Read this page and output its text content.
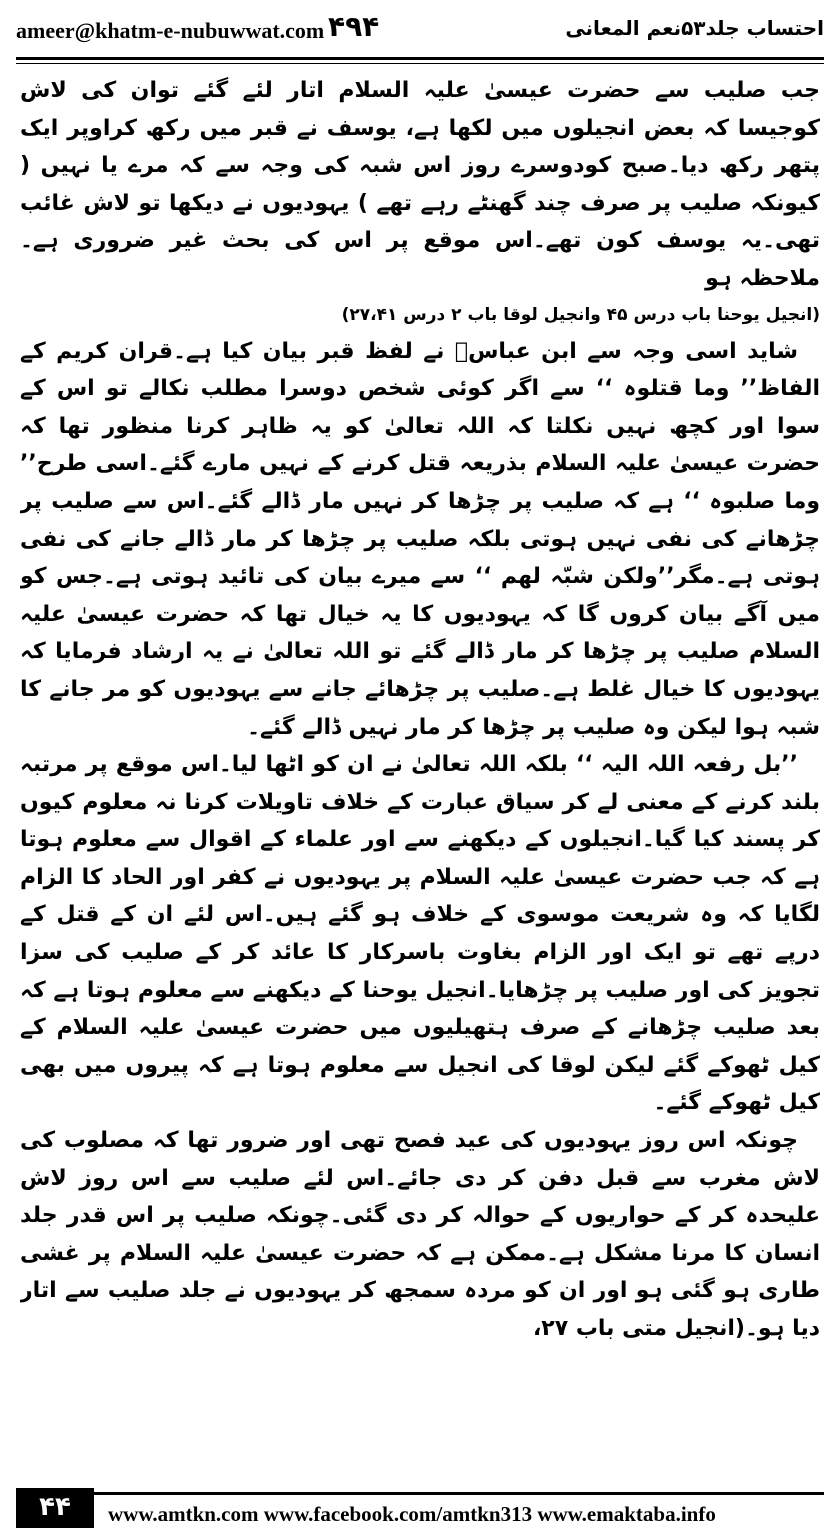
ameer@khatm-e-nubuwwat.com ۴۹۴	احتساب جلد۵۳نعم المعانی

جب صلیب سے حضرت عیسیٰ علیہ السلام اتار لئے گئے توان کی لاش کوجیسا کہ بعض انجیلوں میں لکھا ہے، یوسف نے قبر میں رکھ کراوپر ایک پتھر رکھ دیا۔صبح کودوسرے روز اس شبہ کی وجہ سے کہ مرے یا نہیں ( کیونکہ صلیب پر صرف چند گھنٹے رہے تھے ) یہودیوں نے دیکھا تو لاش غائب تھی۔یہ یوسف کون تھے۔اس موقع پر اس کی بحث غیر ضروری ہے۔ملاحظہ ہو

(انجیل یوحنا باب درس ۴۵ وانجیل لوقا باب ۲ درس ۲۷،۴۱)

شاید اسی وجہ سے ابن عباسؓ نے لفظ قبر بیان کیا ہے۔قران کریم کے الفاظ’’ وما قتلوہ ‘‘ سے اگر کوئی شخص دوسرا مطلب نکالے تو اس کے سوا اور کچھ نہیں نکلتا کہ اللہ تعالیٰ کو یہ ظاہر کرنا منظور تھا کہ حضرت عیسیٰ علیہ السلام بذریعہ قتل کرنے کے نہیں مارے گئے۔اسی طرح’’ وما صلبوہ ‘‘ ہے کہ صلیب پر چڑھا کر نہیں مار ڈالے گئے۔اس سے صلیب پر چڑھانے کی نفی نہیں ہوتی بلکہ صلیب پر چڑھا کر مار ڈالے جانے کی نفی ہوتی ہے۔مگر’’ولکن شبّہ لھم ‘‘ سے میرے بیان کی تائید ہوتی ہے۔جس کو میں آگے بیان کروں گا کہ یہودیوں کا یہ خیال تھا کہ حضرت عیسیٰ علیہ السلام صلیب پر چڑھا کر مار ڈالے گئے تو اللہ تعالیٰ نے یہ ارشاد فرمایا کہ یہودیوں کا خیال غلط ہے۔صلیب پر چڑھائے جانے سے یہودیوں کو مر جانے کا شبہ ہوا لیکن وہ صلیب پر چڑھا کر مار نہیں ڈالے گئے۔

’’بل رفعہ اللہ الیہ ‘‘ بلکہ اللہ تعالیٰ نے ان کو اٹھا لیا۔اس موقع پر مرتبہ بلند کرنے کے معنی لے کر سیاق عبارت کے خلاف تاویلات کرنا نہ معلوم کیوں کر پسند کیا گیا۔انجیلوں کے دیکھنے سے اور علماء کے اقوال سے معلوم ہوتا ہے کہ جب حضرت عیسیٰ علیہ السلام پر یہودیوں نے کفر اور الحاد کا الزام لگایا کہ وہ شریعت موسوی کے خلاف ہو گئے ہیں۔اس لئے ان کے قتل کے درپے تھے تو ایک اور الزام بغاوت باسرکار کا عائد کر کے صلیب کی سزا تجویز کی اور صلیب پر چڑھایا۔انجیل یوحنا کے دیکھنے سے معلوم ہوتا ہے کہ بعد صلیب چڑھانے کے صرف ہتھیلیوں میں حضرت عیسیٰ علیہ السلام کے کیل ٹھوکے گئے لیکن لوقا کی انجیل سے معلوم ہوتا ہے کہ پیروں میں بھی کیل ٹھوکے گئے۔

چونکہ اس روز یہودیوں کی عید فصح تھی اور ضرور تھا کہ مصلوب کی لاش مغرب سے قبل دفن کر دی جائے۔اس لئے صلیب سے اس روز لاش علیحدہ کر کے حواریوں کے حوالہ کر دی گئی۔چونکہ صلیب پر اس قدر جلد انسان کا مرنا مشکل ہے۔ممکن ہے کہ حضرت عیسیٰ علیہ السلام پر غشی طاری ہو گئی ہو اور ان کو مردہ سمجھ کر یہودیوں نے جلد صلیب سے اتار دیا ہو۔(انجیل متی باب ۲۷،

۴۴	www.amtkn.com www.facebook.com/amtkn313 www.emaktaba.info
